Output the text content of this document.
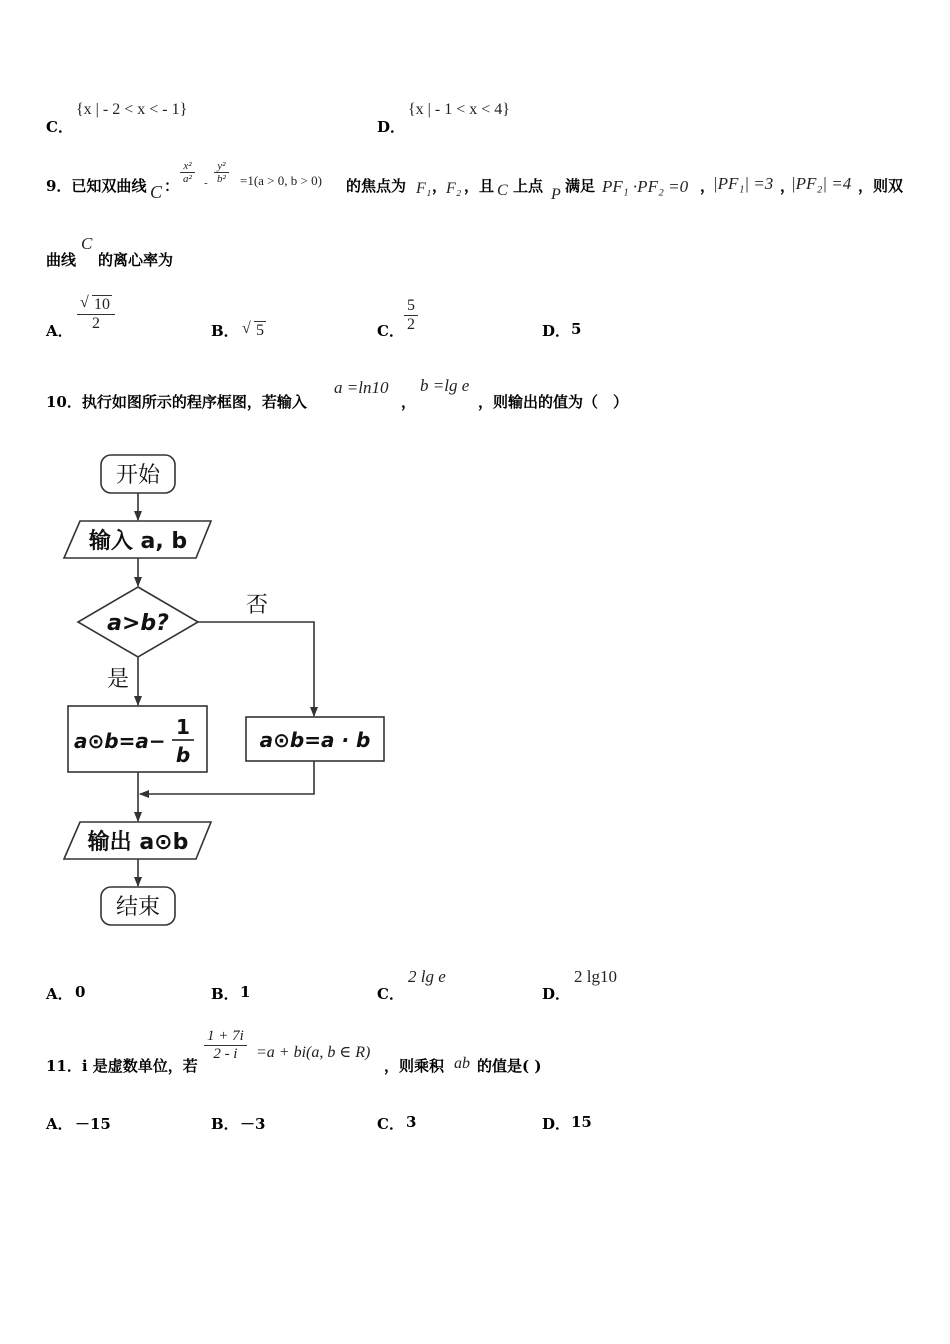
C．
{x | - 2 < x < - 1}
D．
{x | - 1 < x < 4}
9．已知双曲线 C ：
$\frac{\text{x²}}{\text{a²}} - \frac{\text{y²}}{\text{b²}} =1(a > 0$, b > 0) 的焦点为 F₁ ，
F₂ ，且 C 上点 P 满足 PF₁ ·PF₂ =0 ，
|PF₁| =3 ，
|PF₂| =4 ，则双
曲线
C
的离心率为
A． $\frac{√ 10}{2}$	B． √ 5	C． $\frac{5}{2}$	D． 5
10．执行如图所示的程序框图，若输入
a =ln10
，
b =lg e
，则输出的值为（　）
开始
输入 a, b
a>b?
否
是
a⊙b=a−
1
b
a⊙b=a · b
输出 a⊙b
结束
A． 0	B． 1	C．
2 lg e
D．
2 lg10
11．i 是虚数单位，若
$\frac{1 + 7i}{2 - i} =a + bi(a$, b ∈ R)
，则乘积 ab 的值是( )
A． －15	B． －3	C． 3	D． 15
